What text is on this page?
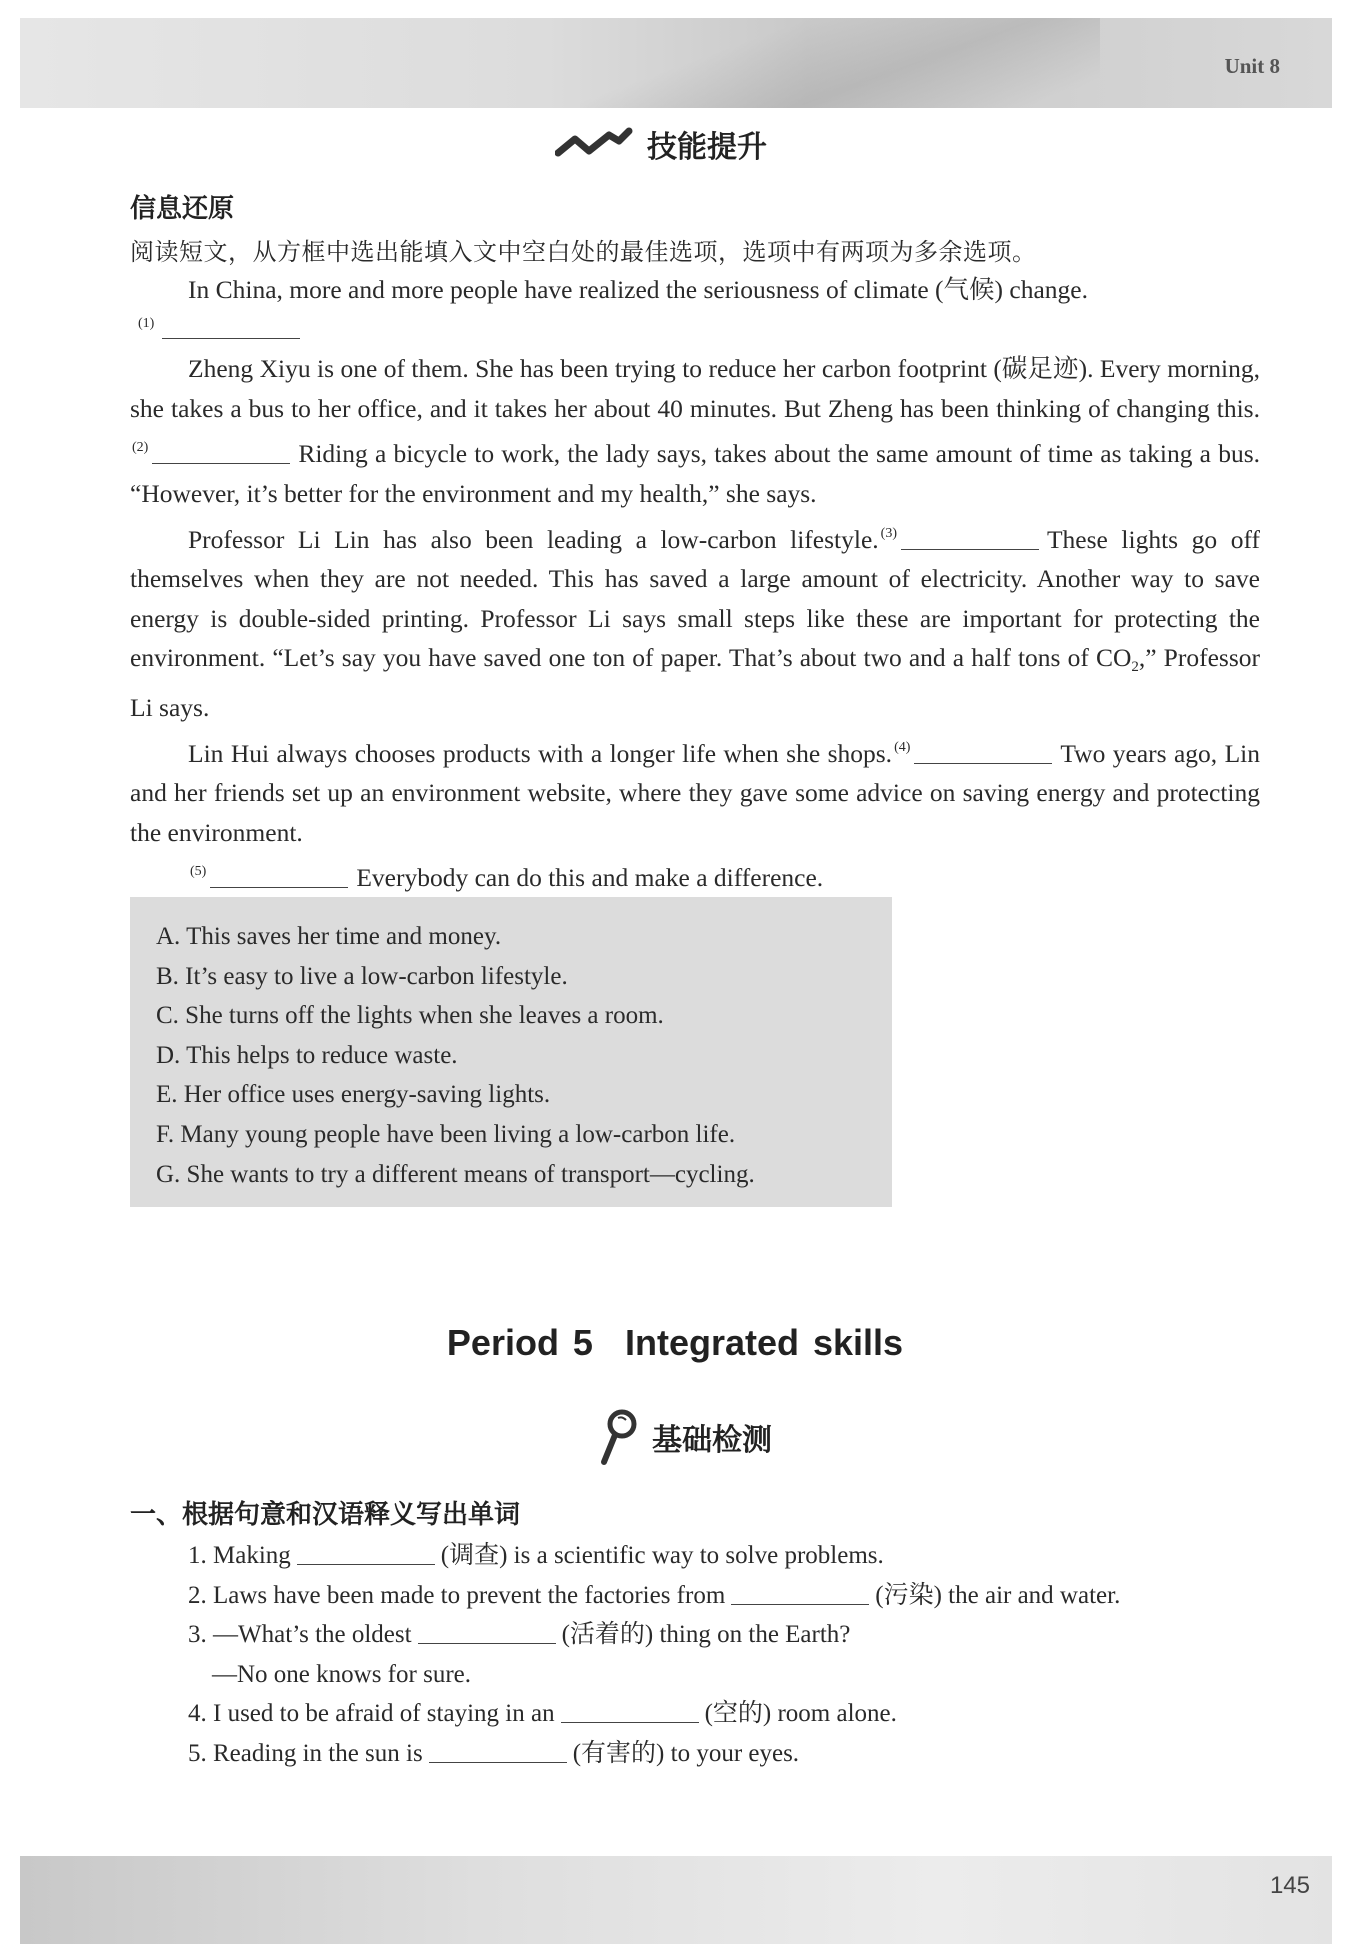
Unit 8
技能提升
信息还原
阅读短文，从方框中选出能填入文中空白处的最佳选项，选项中有两项为多余选项。

In China, more and more people have realized the seriousness of climate (气候) change.

(1)

Zheng Xiyu is one of them. She has been trying to reduce her carbon footprint (碳足迹). Every morning, she takes a bus to her office, and it takes her about 40 minutes. But Zheng has been thinking of changing this.$^{(2)}$	Riding a bicycle to work, the lady says, takes about the same amount of time as taking a bus. “However, it’s better for the environment and my health,” she says.

Professor Li Lin has also been leading a low-carbon lifestyle. $^{(3)}$	These lights go off themselves when they are not needed. This has saved a large amount of electricity. Another way to save energy is double-sided printing. Professor Li says small steps like these are important for protecting the environment. “Let’s say you have saved one ton of paper. That’s about two and a half tons of CO2,” Professor Li says.

Lin Hui always chooses products with a longer life when she shops. $^{(4)}$	Two years ago, Lin and her friends set up an environment website, where they gave some advice on saving energy and protecting the environment.

$^{(5)}$	Everybody can do this and make a difference.

A. This saves her time and money.
B. It’s easy to live a low-carbon lifestyle.
C. She turns off the lights when she leaves a room.
D. This helps to reduce waste.
E. Her office uses energy-saving lights.
F. Many young people have been living a low-carbon life.
G. She wants to try a different means of transport—cycling.
Period 5 Integrated skills
基础检测
一、根据句意和汉语释义写出单词
1. Making	(调查) is a scientific way to solve problems.
2. Laws have been made to prevent the factories from	(污染) the air and water.
3. —What’s the oldest	(活着的) thing on the Earth?
—No one knows for sure.
4. I used to be afraid of staying in an	(空的) room alone.
5. Reading in the sun is	(有害的) to your eyes.
145
